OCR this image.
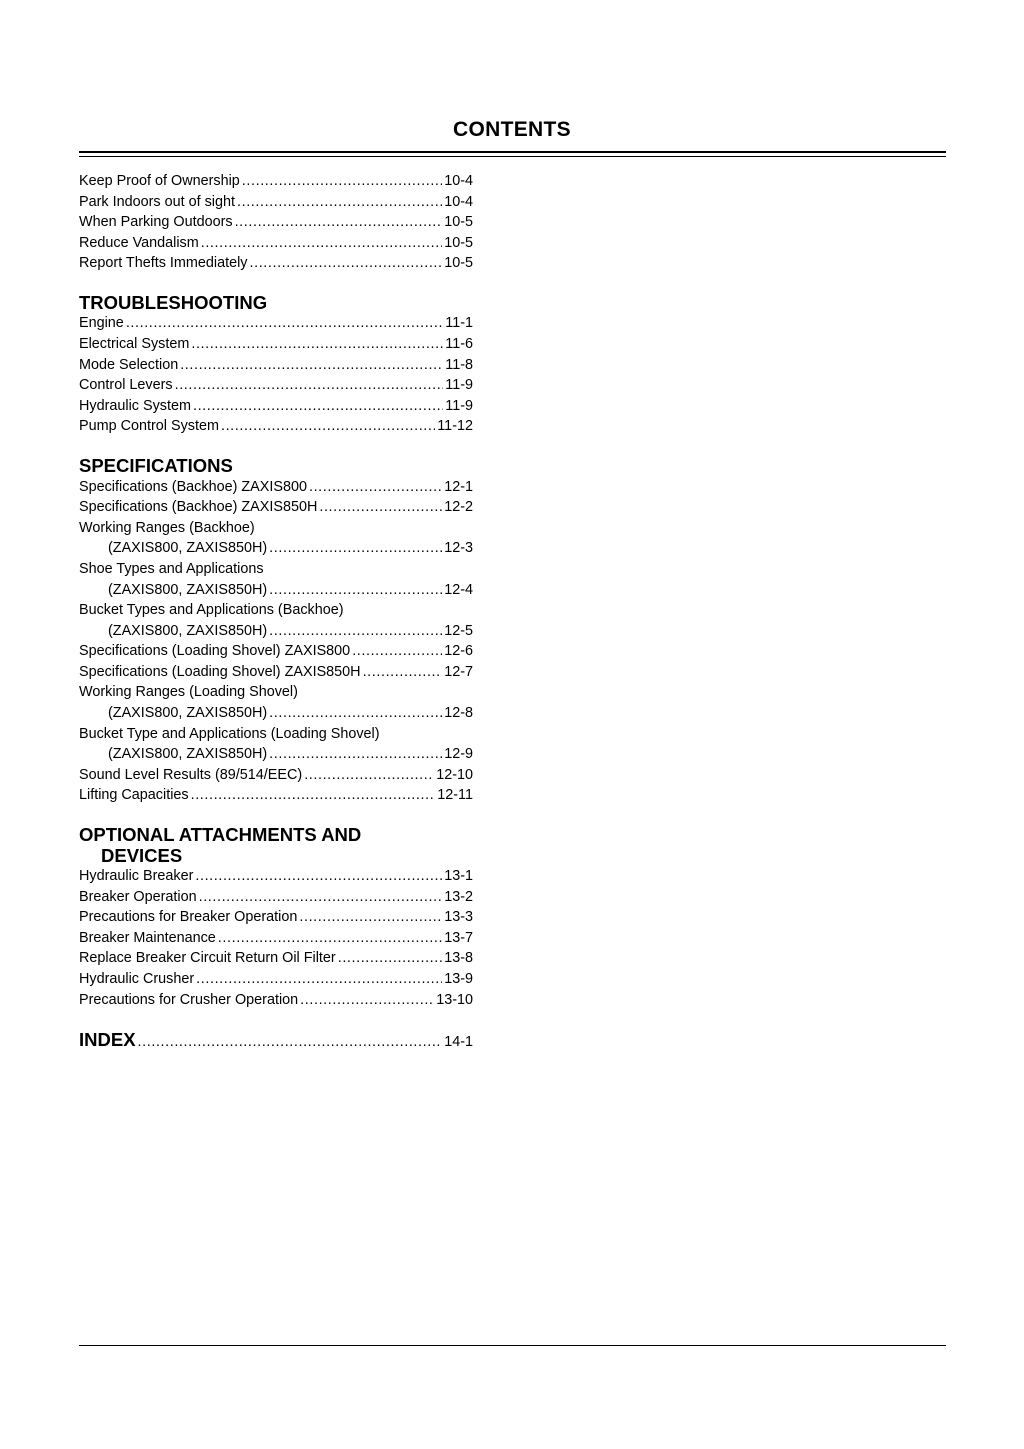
CONTENTS
Keep Proof of Ownership .....	10-4
Park Indoors out of sight .....	10-4
When Parking Outdoors .....	10-5
Reduce Vandalism .....	10-5
Report Thefts Immediately .....	10-5
TROUBLESHOOTING
Engine .....	11-1
Electrical System .....	11-6
Mode Selection .....	11-8
Control Levers .....	11-9
Hydraulic System .....	11-9
Pump Control System .....	11-12
SPECIFICATIONS
Specifications (Backhoe) ZAXIS800 .....	12-1
Specifications (Backhoe) ZAXIS850H .....	12-2
Working Ranges (Backhoe)
(ZAXIS800, ZAXIS850H) .....	12-3
Shoe Types and Applications
(ZAXIS800, ZAXIS850H) .....	12-4
Bucket Types and Applications (Backhoe)
(ZAXIS800, ZAXIS850H) .....	12-5
Specifications (Loading Shovel) ZAXIS800 .....	12-6
Specifications (Loading Shovel) ZAXIS850H .....	12-7
Working Ranges (Loading Shovel)
(ZAXIS800, ZAXIS850H) .....	12-8
Bucket Type and Applications (Loading Shovel)
(ZAXIS800, ZAXIS850H) .....	12-9
Sound Level Results (89/514/EEC) .....	12-10
Lifting Capacities .....	12-11
OPTIONAL ATTACHMENTS AND
DEVICES
Hydraulic Breaker .....	13-1
Breaker Operation .....	13-2
Precautions for Breaker Operation .....	13-3
Breaker Maintenance .....	13-7
Replace Breaker Circuit Return Oil Filter .....	13-8
Hydraulic Crusher .....	13-9
Precautions for Crusher Operation .....	13-10
INDEX .....	14-1
